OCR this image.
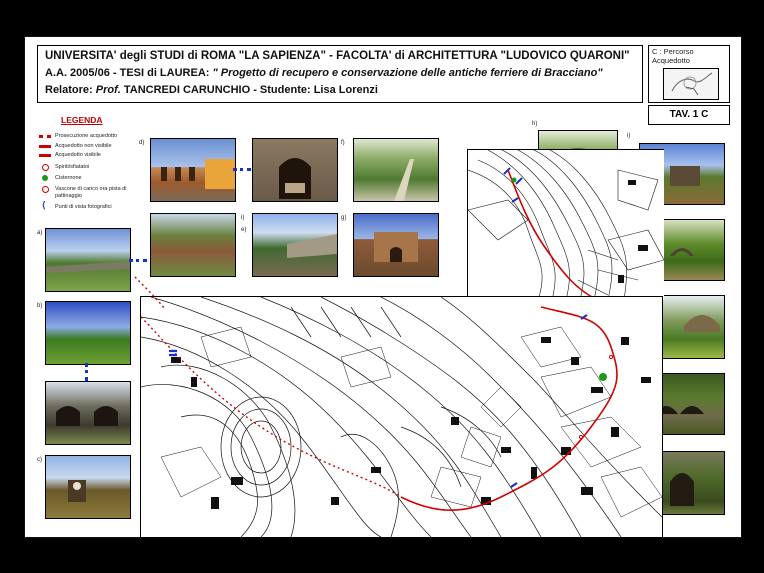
UNIVERSITA' degli STUDI di ROMA "LA SAPIENZA" - FACOLTA' di ARCHITETTURA "LUDOVICO QUARONI"
A.A. 2005/06 - TESI di LAUREA: " Progetto di recupero e conservazione delle antiche ferriere di Bracciano"
Relatore: Prof. TANCREDI CARUNCHIO - Studente: Lisa Lorenzi
C : Percorso
Acquedotto
TAV. 1 C
LEGENDA
Prosecuzione acquedotto
Acquedotto non visibile
Acquedotto visibile
Spiriti/sfiatatoi
Cisternone
Vascone di carico ora pista di pattinaggio
⟨	Punti di vista fotografici
d)	f)
i)
e)
g)
h)
a)
b)
c)
i)
